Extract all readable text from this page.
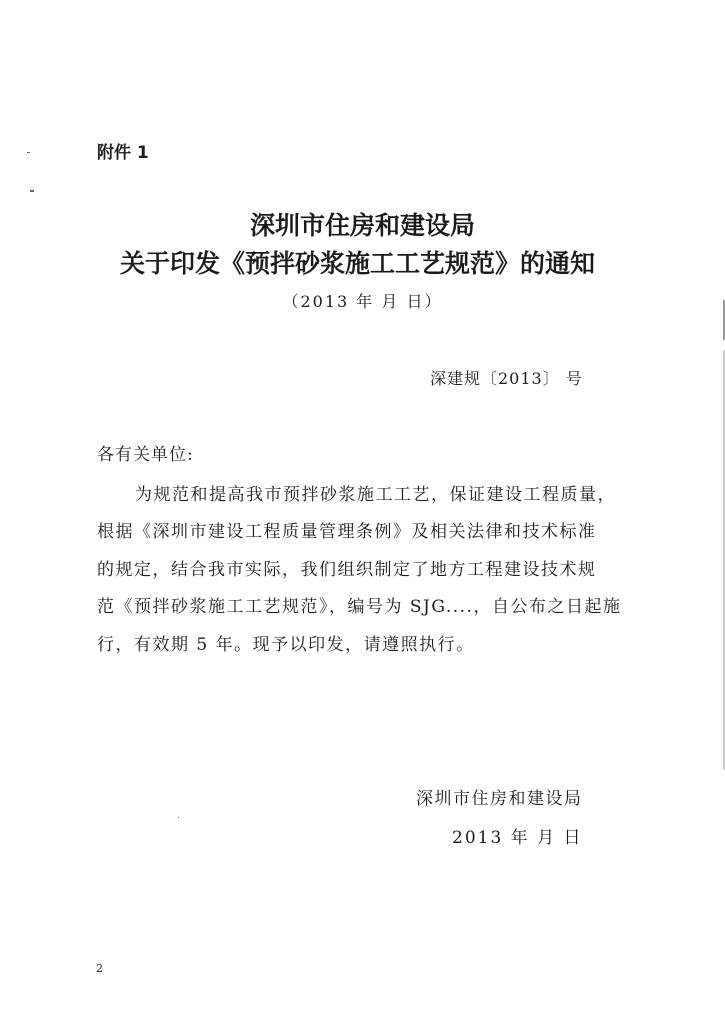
附件 1
深圳市住房和建设局
关于印发《预拌砂浆施工工艺规范》的通知
（2013 年 月 日）
深建规〔2013〕 号
各有关单位:
为规范和提高我市预拌砂浆施工工艺，保证建设工程质量，
根据《深圳市建设工程质量管理条例》及相关法律和技术标准
的规定，结合我市实际，我们组织制定了地方工程建设技术规
范《预拌砂浆施工工艺规范》，编号为 SJG....，自公布之日起施
行，有效期 5 年。现予以印发，请遵照执行。
深圳市住房和建设局
2013 年 月 日
2
